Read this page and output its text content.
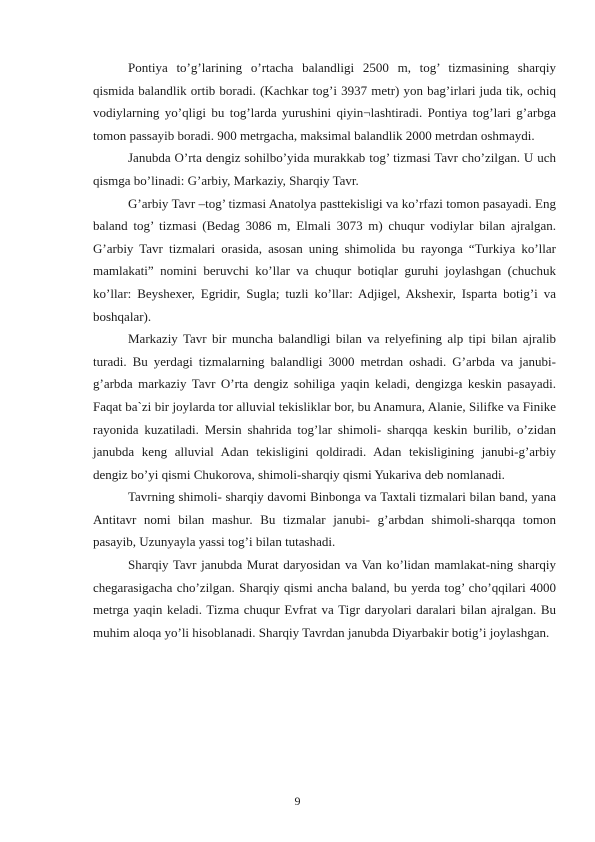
Pontiya to’g’larining o’rtacha balandligi 2500 m, tog’ tizmasining sharqiy qismida balandlik ortib boradi. (Kachkar tog’i 3937 metr) yon bag’irlari juda tik, ochiq vodiylarning yo’qligi bu tog’larda yurushini qiyin¬lashtiradi. Pontiya tog’lari g’arbga tomon passayib boradi. 900 metrgacha, maksimal balandlik 2000 metrdan oshmaydi.

Janubda O’rta dengiz sohilbo’yida murakkab tog’ tizmasi Tavr cho’zilgan. U uch qismga bo’linadi: G’arbiy, Markaziy, Sharqiy Tavr.

G’arbiy Tavr –tog’ tizmasi Anatolya pasttekisligi va ko’rfazi tomon pasayadi. Eng baland tog’ tizmasi (Bedag 3086 m, Elmali 3073 m) chuqur vodiylar bilan ajralgan. G’arbiy Tavr tizmalari orasida, asosan uning shimolida bu rayonga “Turkiya ko’llar mamlakati” nomini beruvchi ko’llar va chuqur botiqlar guruhi joylashgan (chuchuk ko’llar: Beyshexer, Egridir, Sugla; tuzli ko’llar: Adjigel, Akshexir, Isparta botig’i va boshqalar).

Markaziy Tavr bir muncha balandligi bilan va relyefining alp tipi bilan ajralib turadi. Bu yerdagi tizmalarning balandligi 3000 metrdan oshadi. G’arbda va janubi-g’arbda markaziy Tavr O’rta dengiz sohiliga yaqin keladi, dengizga keskin pasayadi. Faqat ba`zi bir joylarda tor alluvial tekisliklar bor, bu Anamura, Alanie, Silifke va Finike rayonida kuzatiladi. Mersin shahrida tog’lar shimoli- sharqqa keskin burilib, o’zidan janubda keng alluvial Adan tekisligini qoldiradi. Adan tekisligining janubi-g’arbiy dengiz bo’yi qismi Chukorova, shimoli-sharqiy qismi Yukariva deb nomlanadi.

Tavrning shimoli- sharqiy davomi Binbonga va Taxtali tizmalari bilan band, yana Antitavr nomi bilan mashur. Bu tizmalar janubi- g’arbdan shimoli-sharqqa tomon pasayib, Uzunyayla yassi tog’i bilan tutashadi.

Sharqiy Tavr janubda Murat daryosidan va Van ko’lidan mamlakat-ning sharqiy chegarasigacha cho’zilgan. Sharqiy qismi ancha baland, bu yerda tog’ cho’qqilari 4000 metrga yaqin keladi. Tizma chuqur Evfrat va Tigr daryolari daralari bilan ajralgan. Bu muhim aloqa yo’li hisoblanadi. Sharqiy Tavrdan janubda Diyarbakir botig’i joylashgan.

9
